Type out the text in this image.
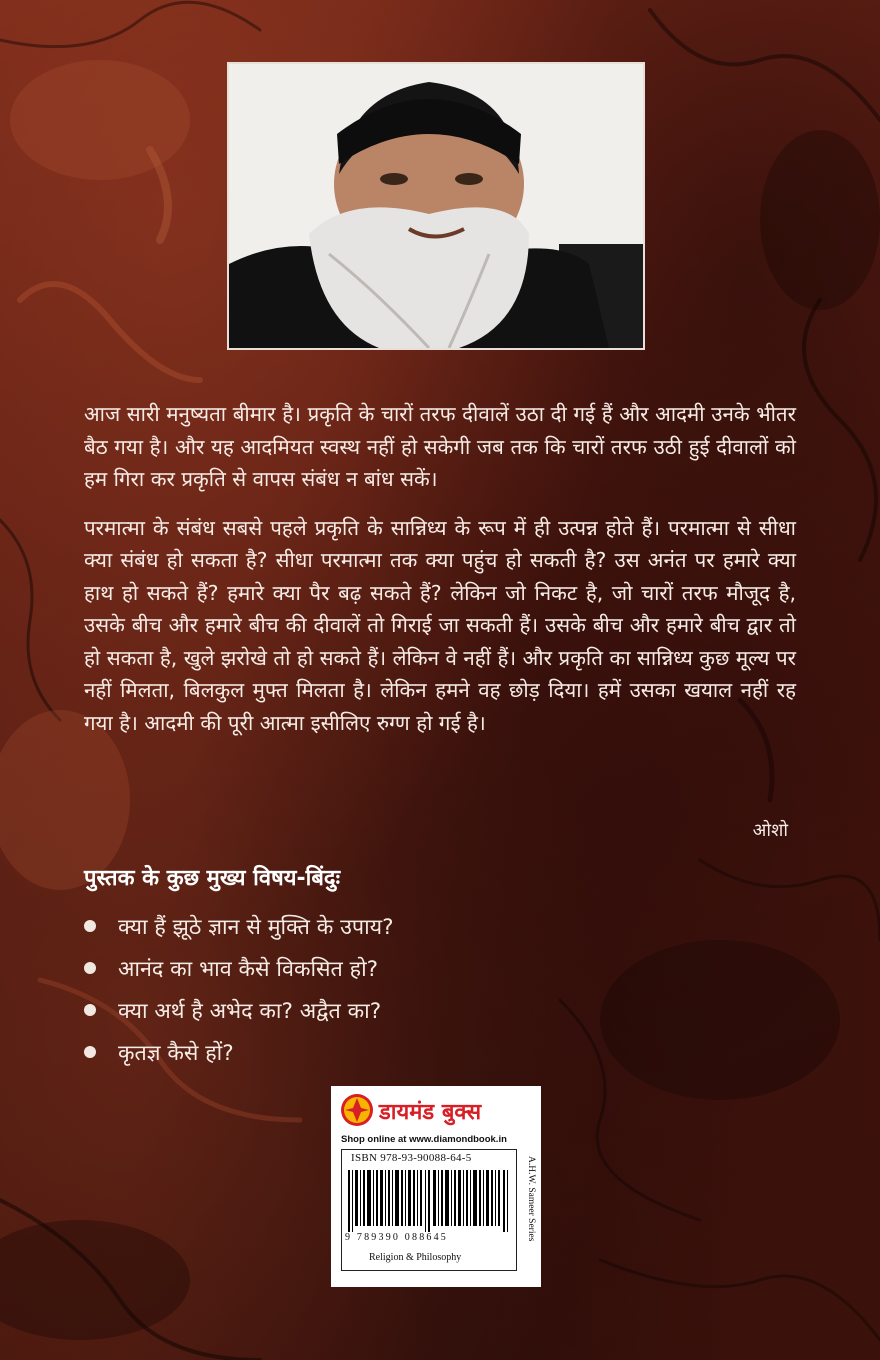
आज सारी मनुष्यता बीमार है। प्रकृति के चारों तरफ दीवालें उठा दी गई हैं और आदमी उनके भीतर बैठ गया है। और यह आदमियत स्वस्थ नहीं हो सकेगी जब तक कि चारों तरफ उठी हुई दीवालों को हम गिरा कर प्रकृति से वापस संबंध न बांध सकें।

परमात्मा के संबंध सबसे पहले प्रकृति के सान्निध्य के रूप में ही उत्पन्न होते हैं। परमात्मा से सीधा क्या संबंध हो सकता है? सीधा परमात्मा तक क्या पहुंच हो सकती है? उस अनंत पर हमारे क्या हाथ हो सकते हैं? हमारे क्या पैर बढ़ सकते हैं? लेकिन जो निकट है, जो चारों तरफ मौजूद है, उसके बीच और हमारे बीच की दीवालें तो गिराई जा सकती हैं। उसके बीच और हमारे बीच द्वार तो हो सकता है, खुले झरोखे तो हो सकते हैं। लेकिन वे नहीं हैं। और प्रकृति का सान्निध्य कुछ मूल्य पर नहीं मिलता, बिलकुल मुफ्त मिलता है। लेकिन हमने वह छोड़ दिया। हमें उसका खयाल नहीं रह गया है। आदमी की पूरी आत्मा इसीलिए रुग्ण हो गई है।

ओशो
पुस्तक के कुछ मुख्य विषय-बिंदुः
क्या हैं झूठे ज्ञान से मुक्ति के उपाय?
आनंद का भाव कैसे विकसित हो?
क्या अर्थ है अभेद का? अद्वैत का?
कृतज्ञ कैसे हों?
डायमंड बुक्स
Shop online at www.diamondbook.in
ISBN 978-93-90088-64-5
9 789390 088645
Religion & Philosophy
A.H.W. Sameer Series
